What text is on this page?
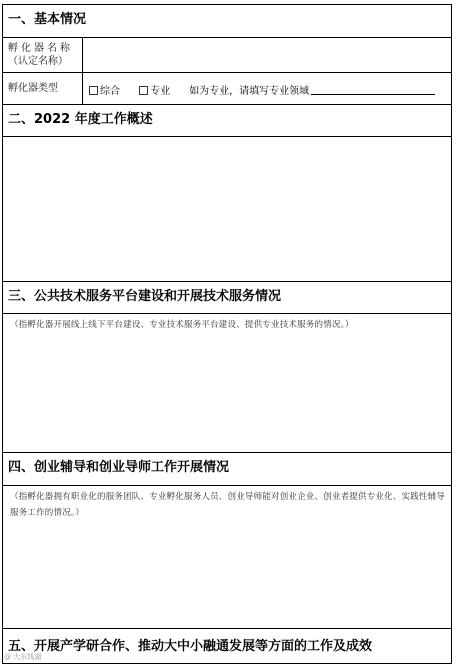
一、基本情况
孵化器名称
（认定名称）
孵化器类型	综合	专业 如为专业，请填写专业领域
二、2022 年度工作概述
三、公共技术服务平台建设和开展技术服务情况
（指孵化器开展线上线下平台建设、专业技术服务平台建设、提供专业技术服务的情况。）
四、创业辅导和创业导师工作开展情况
（指孵化器拥有职业化的服务团队、专业孵化服务人员、创业导师能对创业企业、创业者提供专业化、实践性辅导服务工作的情况。）
五、开展产学研合作、推动大中小融通发展等方面的工作及成效
@ 大东钱湖
